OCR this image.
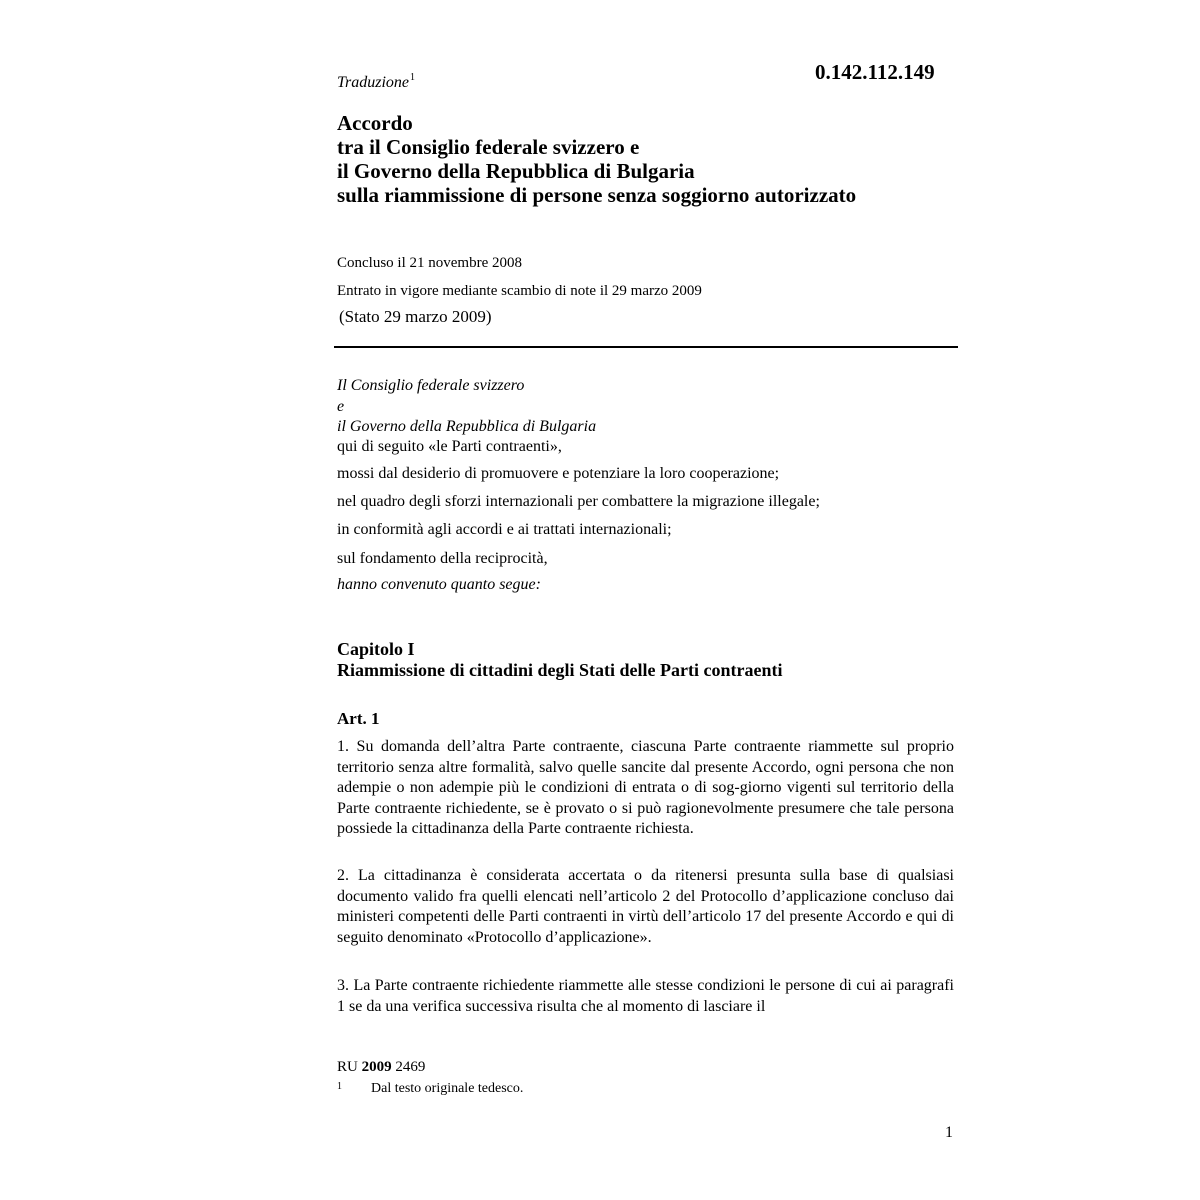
0.142.112.149
Traduzione$^1$
Accordo
tra il Consiglio federale svizzero e
il Governo della Repubblica di Bulgaria
sulla riammissione di persone senza soggiorno autorizzato
Concluso il 21 novembre 2008
Entrato in vigore mediante scambio di note il 29 marzo 2009
(Stato 29 marzo 2009)
Il Consiglio federale svizzero
e
il Governo della Repubblica di Bulgaria
qui di seguito «le Parti contraenti»,
mossi dal desiderio di promuovere e potenziare la loro cooperazione;
nel quadro degli sforzi internazionali per combattere la migrazione illegale;
in conformità agli accordi e ai trattati internazionali;
sul fondamento della reciprocità,
hanno convenuto quanto segue:
Capitolo I
Riammissione di cittadini degli Stati delle Parti contraenti
Art. 1

1. Su domanda dell’altra Parte contraente, ciascuna Parte contraente riammette sul proprio territorio senza altre formalità, salvo quelle sancite dal presente Accordo, ogni persona che non adempie o non adempie più le condizioni di entrata o di sog-giorno vigenti sul territorio della Parte contraente richiedente, se è provato o si può ragionevolmente presumere che tale persona possiede la cittadinanza della Parte contraente richiesta.

2. La cittadinanza è considerata accertata o da ritenersi presunta sulla base di qualsiasi documento valido fra quelli elencati nell’articolo 2 del Protocollo d’applicazione concluso dai ministeri competenti delle Parti contraenti in virtù dell’articolo 17 del presente Accordo e qui di seguito denominato «Protocollo d’applicazione».

3. La Parte contraente richiedente riammette alle stesse condizioni le persone di cui ai paragrafi 1 se da una verifica successiva risulta che al momento di lasciare il

RU 2009 2469
1 Dal testo originale tedesco.
1
